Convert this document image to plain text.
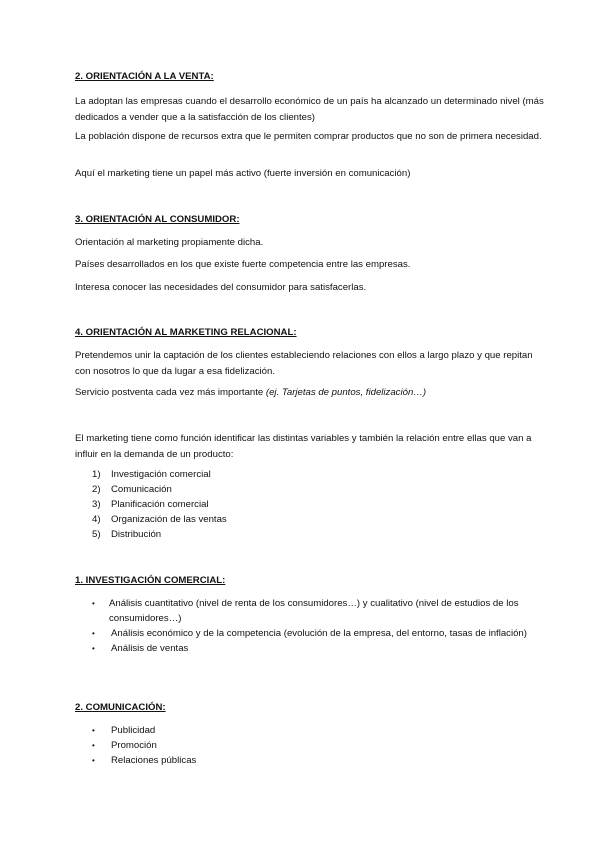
2. ORIENTACIÓN A LA VENTA:
La adoptan las empresas cuando el desarrollo económico de un país ha alcanzado un determinado nivel (más dedicados a vender que a la satisfacción de los clientes)
La población dispone de recursos extra que le permiten comprar productos que no son de primera necesidad.
Aquí el marketing tiene un papel más activo (fuerte inversión en comunicación)
3. ORIENTACIÓN AL CONSUMIDOR:
Orientación al marketing propiamente dicha.
Países desarrollados en los que existe fuerte competencia entre las empresas.
Interesa conocer las necesidades del consumidor para satisfacerlas.
4. ORIENTACIÓN AL MARKETING RELACIONAL:
Pretendemos unir la captación de los clientes estableciendo relaciones con ellos a largo plazo y que repitan con nosotros lo que da lugar a esa fidelización.
Servicio postventa cada vez más importante (ej. Tarjetas de puntos, fidelización…)
El marketing tiene como función identificar las distintas variables y también la relación entre ellas que van a influir en la demanda de un producto:
1)	Investigación comercial
2)	Comunicación
3)	Planificación comercial
4)	Organización de las ventas
5)	Distribución
1. INVESTIGACIÓN COMERCIAL:
•	Análisis cuantitativo (nivel de renta de los consumidores…) y cualitativo (nivel de estudios de los consumidores…)
•	Análisis económico y de la competencia (evolución de la empresa, del entorno, tasas de inflación)
•	Análisis de ventas
2. COMUNICACIÓN:
•	Publicidad
•	Promoción
•	Relaciones públicas
